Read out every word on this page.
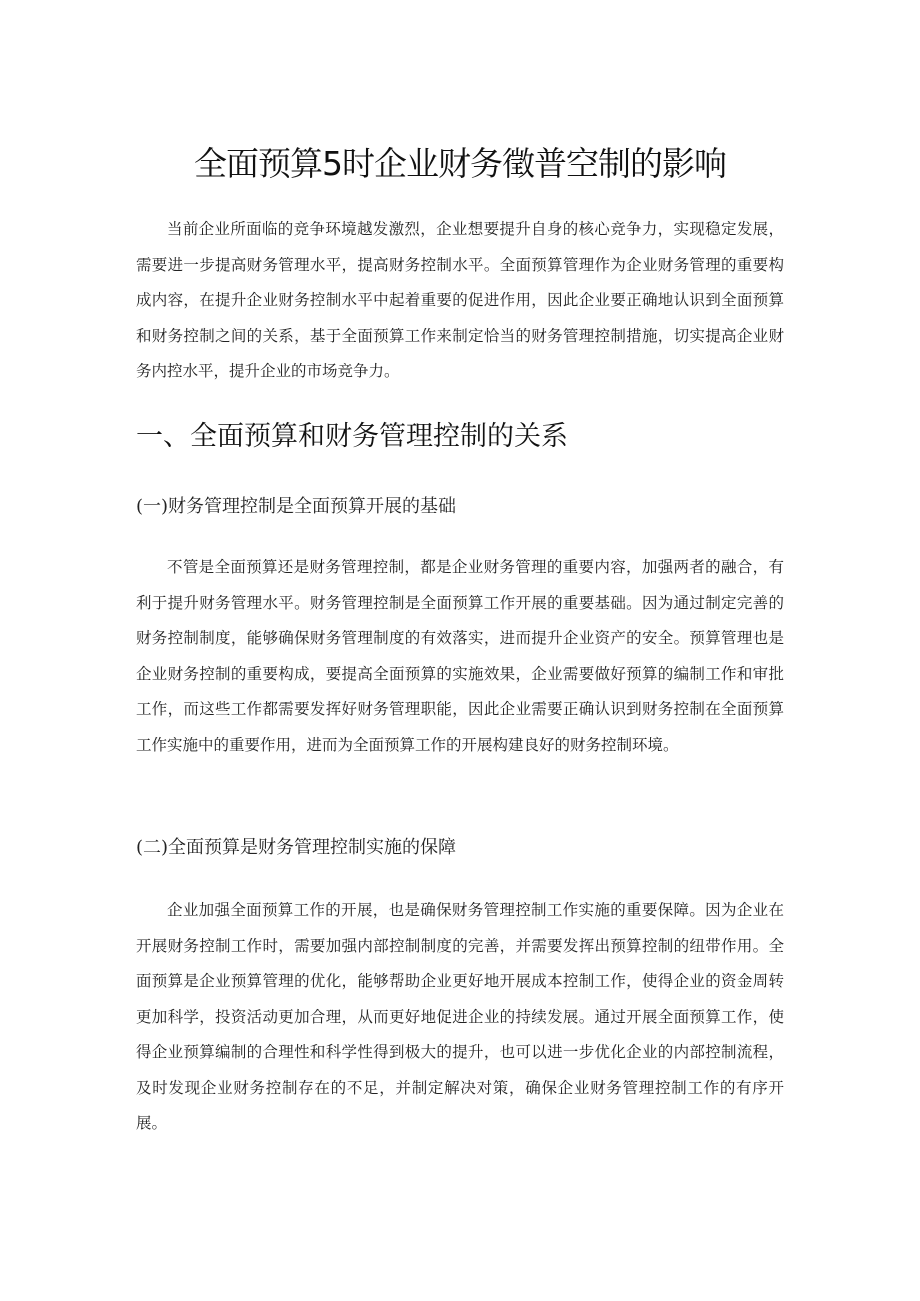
全面预算5时企业财务徵普空制的影响

当前企业所面临的竞争环境越发激烈，企业想要提升自身的核心竞争力，实现稳定发展，需要进一步提高财务管理水平，提高财务控制水平。全面预算管理作为企业财务管理的重要构成内容，在提升企业财务控制水平中起着重要的促进作用，因此企业要正确地认识到全面预算和财务控制之间的关系，基于全面预算工作来制定恰当的财务管理控制措施，切实提高企业财务内控水平，提升企业的市场竞争力。

一、全面预算和财务管理控制的关系
(一)财务管理控制是全面预算开展的基础

不管是全面预算还是财务管理控制，都是企业财务管理的重要内容，加强两者的融合，有利于提升财务管理水平。财务管理控制是全面预算工作开展的重要基础。因为通过制定完善的财务控制制度，能够确保财务管理制度的有效落实，进而提升企业资产的安全。预算管理也是企业财务控制的重要构成，要提高全面预算的实施效果，企业需要做好预算的编制工作和审批工作，而这些工作都需要发挥好财务管理职能，因此企业需要正确认识到财务控制在全面预算工作实施中的重要作用，进而为全面预算工作的开展构建良好的财务控制环境。

(二)全面预算是财务管理控制实施的保障

企业加强全面预算工作的开展，也是确保财务管理控制工作实施的重要保障。因为企业在开展财务控制工作时，需要加强内部控制制度的完善，并需要发挥出预算控制的纽带作用。全面预算是企业预算管理的优化，能够帮助企业更好地开展成本控制工作，使得企业的资金周转更加科学，投资活动更加合理，从而更好地促进企业的持续发展。通过开展全面预算工作，使得企业预算编制的合理性和科学性得到极大的提升，也可以进一步优化企业的内部控制流程，及时发现企业财务控制存在的不足，并制定解决对策，确保企业财务管理控制工作的有序开展。
